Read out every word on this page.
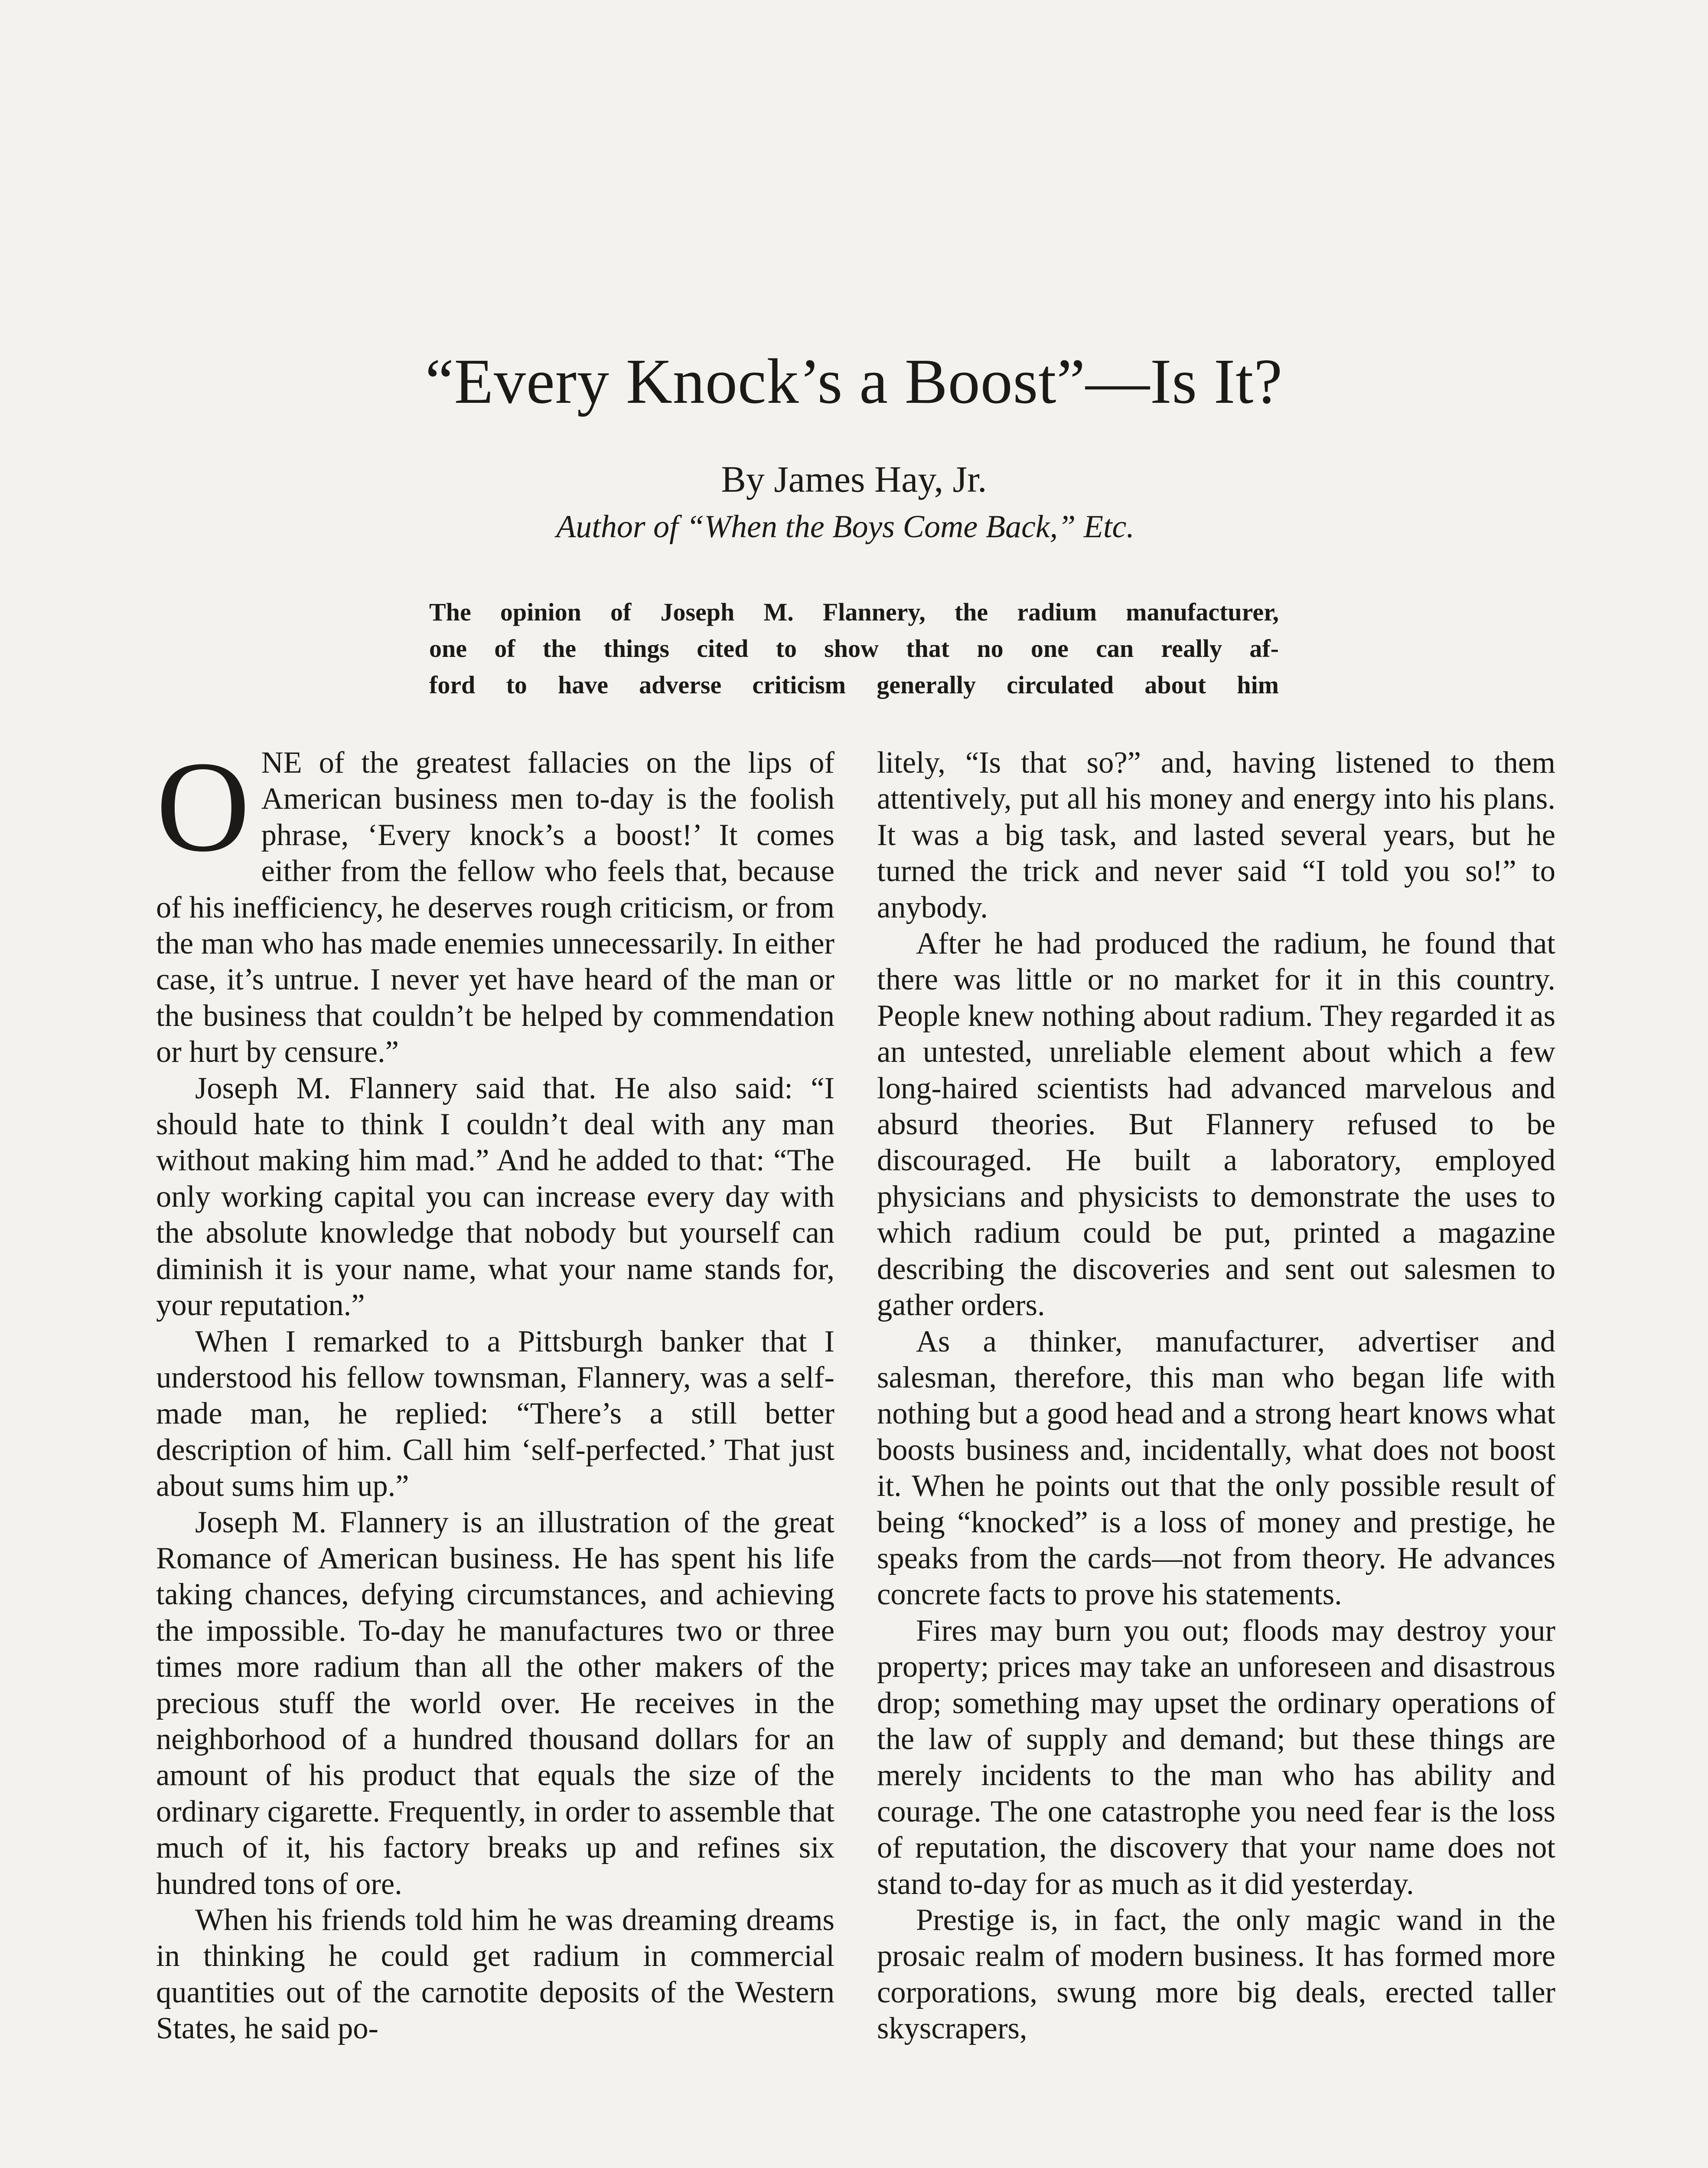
“Every Knock’s a Boost”—Is It?
By James Hay, Jr.
Author of “When the Boys Come Back,” Etc.
The opinion of Joseph M. Flannery, the radium manufacturer,
one of the things cited to show that no one can really af-
ford to have adverse criticism generally circulated about him

ONE of the greatest fallacies on the lips of American business men to-day is the foolish phrase, ‘Every knock’s a boost!’ It comes either from the fellow who feels that, because of his inefficiency, he deserves rough criticism, or from the man who has made enemies unnecessarily. In either case, it’s untrue. I never yet have heard of the man or the business that couldn’t be helped by commendation or hurt by censure.”

Joseph M. Flannery said that. He also said: “I should hate to think I couldn’t deal with any man without making him mad.” And he added to that: “The only working capital you can increase every day with the absolute knowledge that nobody but yourself can diminish it is your name, what your name stands for, your reputation.”

When I remarked to a Pittsburgh banker that I understood his fellow townsman, Flannery, was a self-made man, he replied: “There’s a still better description of him. Call him ‘self-perfected.’ That just about sums him up.”

Joseph M. Flannery is an illustration of the great Romance of American business. He has spent his life taking chances, defying circumstances, and achieving the impossible. To-day he manufactures two or three times more radium than all the other makers of the precious stuff the world over. He receives in the neighborhood of a hundred thousand dollars for an amount of his product that equals the size of the ordinary cigarette. Frequently, in order to assemble that much of it, his factory breaks up and refines six hundred tons of ore.

When his friends told him he was dreaming dreams in thinking he could get radium in commercial quantities out of the carnotite deposits of the Western States, he said po-

litely, “Is that so?” and, having listened to them attentively, put all his money and energy into his plans. It was a big task, and lasted several years, but he turned the trick and never said “I told you so!” to anybody.

After he had produced the radium, he found that there was little or no market for it in this country. People knew nothing about radium. They regarded it as an untested, unreliable element about which a few long-haired scientists had advanced marvelous and absurd theories. But Flannery refused to be discouraged. He built a laboratory, employed physicians and physicists to demonstrate the uses to which radium could be put, printed a magazine describing the discoveries and sent out salesmen to gather orders.

As a thinker, manufacturer, advertiser and salesman, therefore, this man who began life with nothing but a good head and a strong heart knows what boosts business and, incidentally, what does not boost it. When he points out that the only possible result of being “knocked” is a loss of money and prestige, he speaks from the cards—not from theory. He advances concrete facts to prove his statements.

Fires may burn you out; floods may destroy your property; prices may take an unforeseen and disastrous drop; something may upset the ordinary operations of the law of supply and demand; but these things are merely incidents to the man who has ability and courage. The one catastrophe you need fear is the loss of reputation, the discovery that your name does not stand to-day for as much as it did yesterday.

Prestige is, in fact, the only magic wand in the prosaic realm of modern business. It has formed more corporations, swung more big deals, erected taller skyscrapers,
